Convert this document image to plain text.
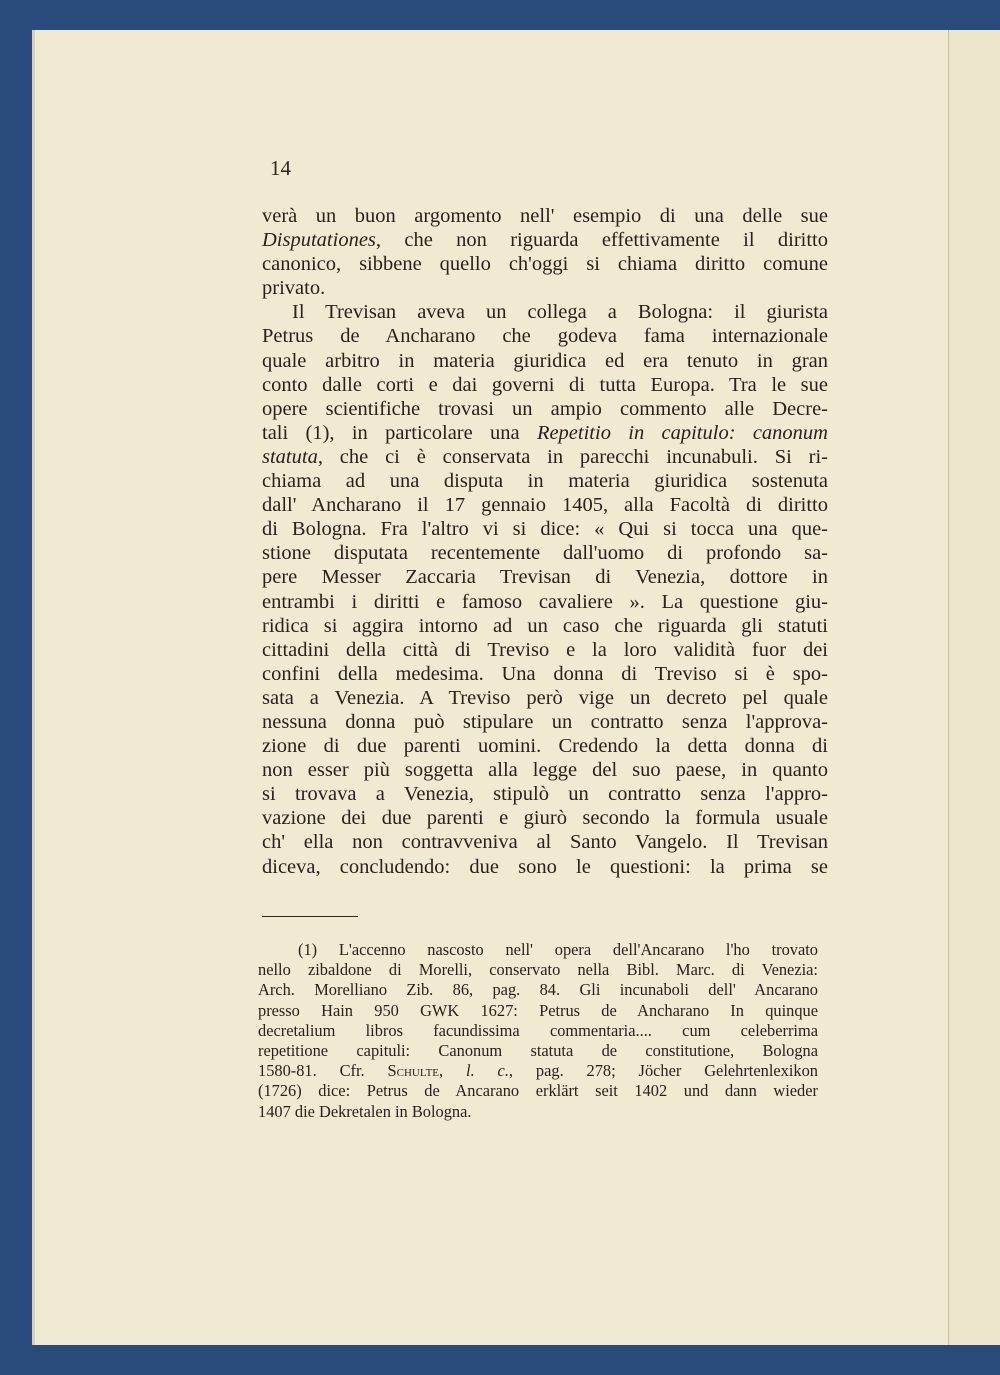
14
verà un buon argomento nell' esempio di una delle sue
Disputationes, che non riguarda effettivamente il diritto
canonico, sibbene quello ch'oggi si chiama diritto comune
privato.
Il Trevisan aveva un collega a Bologna: il giurista
Petrus de Ancharano che godeva fama internazionale
quale arbitro in materia giuridica ed era tenuto in gran
conto dalle corti e dai governi di tutta Europa. Tra le sue
opere scientifiche trovasi un ampio commento alle Decre-
tali (1), in particolare una Repetitio in capitulo: canonum
statuta, che ci è conservata in parecchi incunabuli. Si ri-
chiama ad una disputa in materia giuridica sostenuta
dall' Ancharano il 17 gennaio 1405, alla Facoltà di diritto
di Bologna. Fra l'altro vi si dice: « Qui si tocca una que-
stione disputata recentemente dall'uomo di profondo sa-
pere Messer Zaccaria Trevisan di Venezia, dottore in
entrambi i diritti e famoso cavaliere ». La questione giu-
ridica si aggira intorno ad un caso che riguarda gli statuti
cittadini della città di Treviso e la loro validità fuor dei
confini della medesima. Una donna di Treviso si è spo-
sata a Venezia. A Treviso però vige un decreto pel quale
nessuna donna può stipulare un contratto senza l'approva-
zione di due parenti uomini. Credendo la detta donna di
non esser più soggetta alla legge del suo paese, in quanto
si trovava a Venezia, stipulò un contratto senza l'appro-
vazione dei due parenti e giurò secondo la formula usuale
ch' ella non contravveniva al Santo Vangelo. Il Trevisan
diceva, concludendo: due sono le questioni: la prima se
(1) L'accenno nascosto nell' opera dell'Ancarano l'ho trovato
nello zibaldone di Morelli, conservato nella Bibl. Marc. di Venezia:
Arch. Morelliano Zib. 86, pag. 84. Gli incunaboli dell' Ancarano
presso Hain 950 GWK 1627: Petrus de Ancharano In quinque
decretalium libros facundissima commentaria.... cum celeberrima
repetitione capituli: Canonum statuta de constitutione, Bologna
1580-81. Cfr. Schulte, l. c., pag. 278; Jöcher Gelehrtenlexikon
(1726) dice: Petrus de Ancarano erklärt seit 1402 und dann wieder
1407 die Dekretalen in Bologna.
